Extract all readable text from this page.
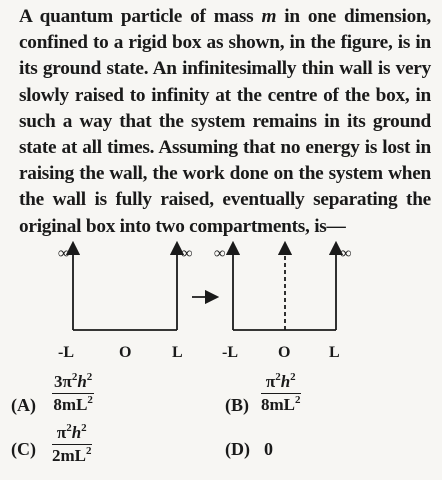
A quantum particle of mass m in one dimension, confined to a rigid box as shown, in the figure, is in its ground state. An infinitesimally thin wall is very slowly raised to infinity at the centre of the box, in such a way that the system remains in its ground state at all times. Assuming that no energy is lost in raising the wall, the work done on the system when the wall is fully raised, eventually separating the original box into two compartments, is—
∞	∞ ∞	∞
-L	O	L -L	O L
$(A) \frac{3\pi^2h^2}{8mL^2}$	$(B) \frac{\pi^2h^2}{8mL^2}$
$(C) \frac{\pi^2h^2}{2mL^2}$	(D) 0
